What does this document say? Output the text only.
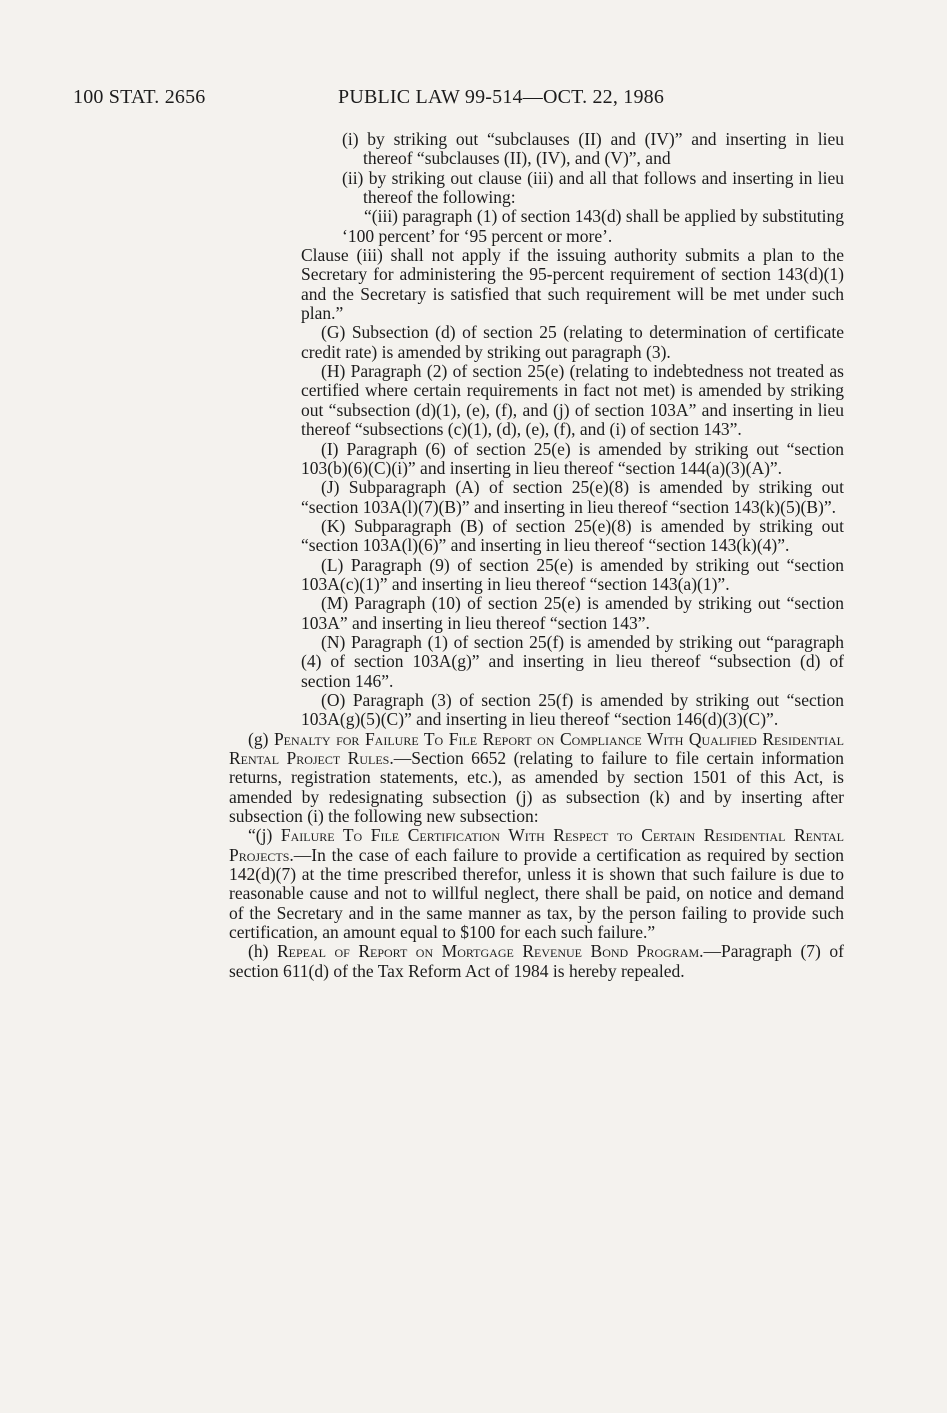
100 STAT. 2656	PUBLIC LAW 99-514—OCT. 22, 1986

(i) by striking out “subclauses (II) and (IV)” and inserting in lieu thereof “subclauses (II), (IV), and (V)”, and

(ii) by striking out clause (iii) and all that follows and inserting in lieu thereof the following:

“(iii) paragraph (1) of section 143(d) shall be applied by substituting ‘100 percent’ for ‘95 percent or more’.

Clause (iii) shall not apply if the issuing authority submits a plan to the Secretary for administering the 95-percent requirement of section 143(d)(1) and the Secretary is satisfied that such requirement will be met under such plan.”

(G) Subsection (d) of section 25 (relating to determination of certificate credit rate) is amended by striking out paragraph (3).

(H) Paragraph (2) of section 25(e) (relating to indebtedness not treated as certified where certain requirements in fact not met) is amended by striking out “subsection (d)(1), (e), (f), and (j) of section 103A” and inserting in lieu thereof “subsections (c)(1), (d), (e), (f), and (i) of section 143”.

(I) Paragraph (6) of section 25(e) is amended by striking out “section 103(b)(6)(C)(i)” and inserting in lieu thereof “section 144(a)(3)(A)”.

(J) Subparagraph (A) of section 25(e)(8) is amended by striking out “section 103A(l)(7)(B)” and inserting in lieu thereof “section 143(k)(5)(B)”.

(K) Subparagraph (B) of section 25(e)(8) is amended by striking out “section 103A(l)(6)” and inserting in lieu thereof “section 143(k)(4)”.

(L) Paragraph (9) of section 25(e) is amended by striking out “section 103A(c)(1)” and inserting in lieu thereof “section 143(a)(1)”.

(M) Paragraph (10) of section 25(e) is amended by striking out “section 103A” and inserting in lieu thereof “section 143”.

(N) Paragraph (1) of section 25(f) is amended by striking out “paragraph (4) of section 103A(g)” and inserting in lieu thereof “subsection (d) of section 146”.

(O) Paragraph (3) of section 25(f) is amended by striking out “section 103A(g)(5)(C)” and inserting in lieu thereof “section 146(d)(3)(C)”.

(g) Penalty for Failure To File Report on Compliance With Qualified Residential Rental Project Rules.—Section 6652 (relating to failure to file certain information returns, registration statements, etc.), as amended by section 1501 of this Act, is amended by redesignating subsection (j) as subsection (k) and by inserting after subsection (i) the following new subsection:

“(j) Failure To File Certification With Respect to Certain Residential Rental Projects.—In the case of each failure to provide a certification as required by section 142(d)(7) at the time prescribed therefor, unless it is shown that such failure is due to reasonable cause and not to willful neglect, there shall be paid, on notice and demand of the Secretary and in the same manner as tax, by the person failing to provide such certification, an amount equal to $100 for each such failure.”

(h) Repeal of Report on Mortgage Revenue Bond Program.—Paragraph (7) of section 611(d) of the Tax Reform Act of 1984 is hereby repealed.
